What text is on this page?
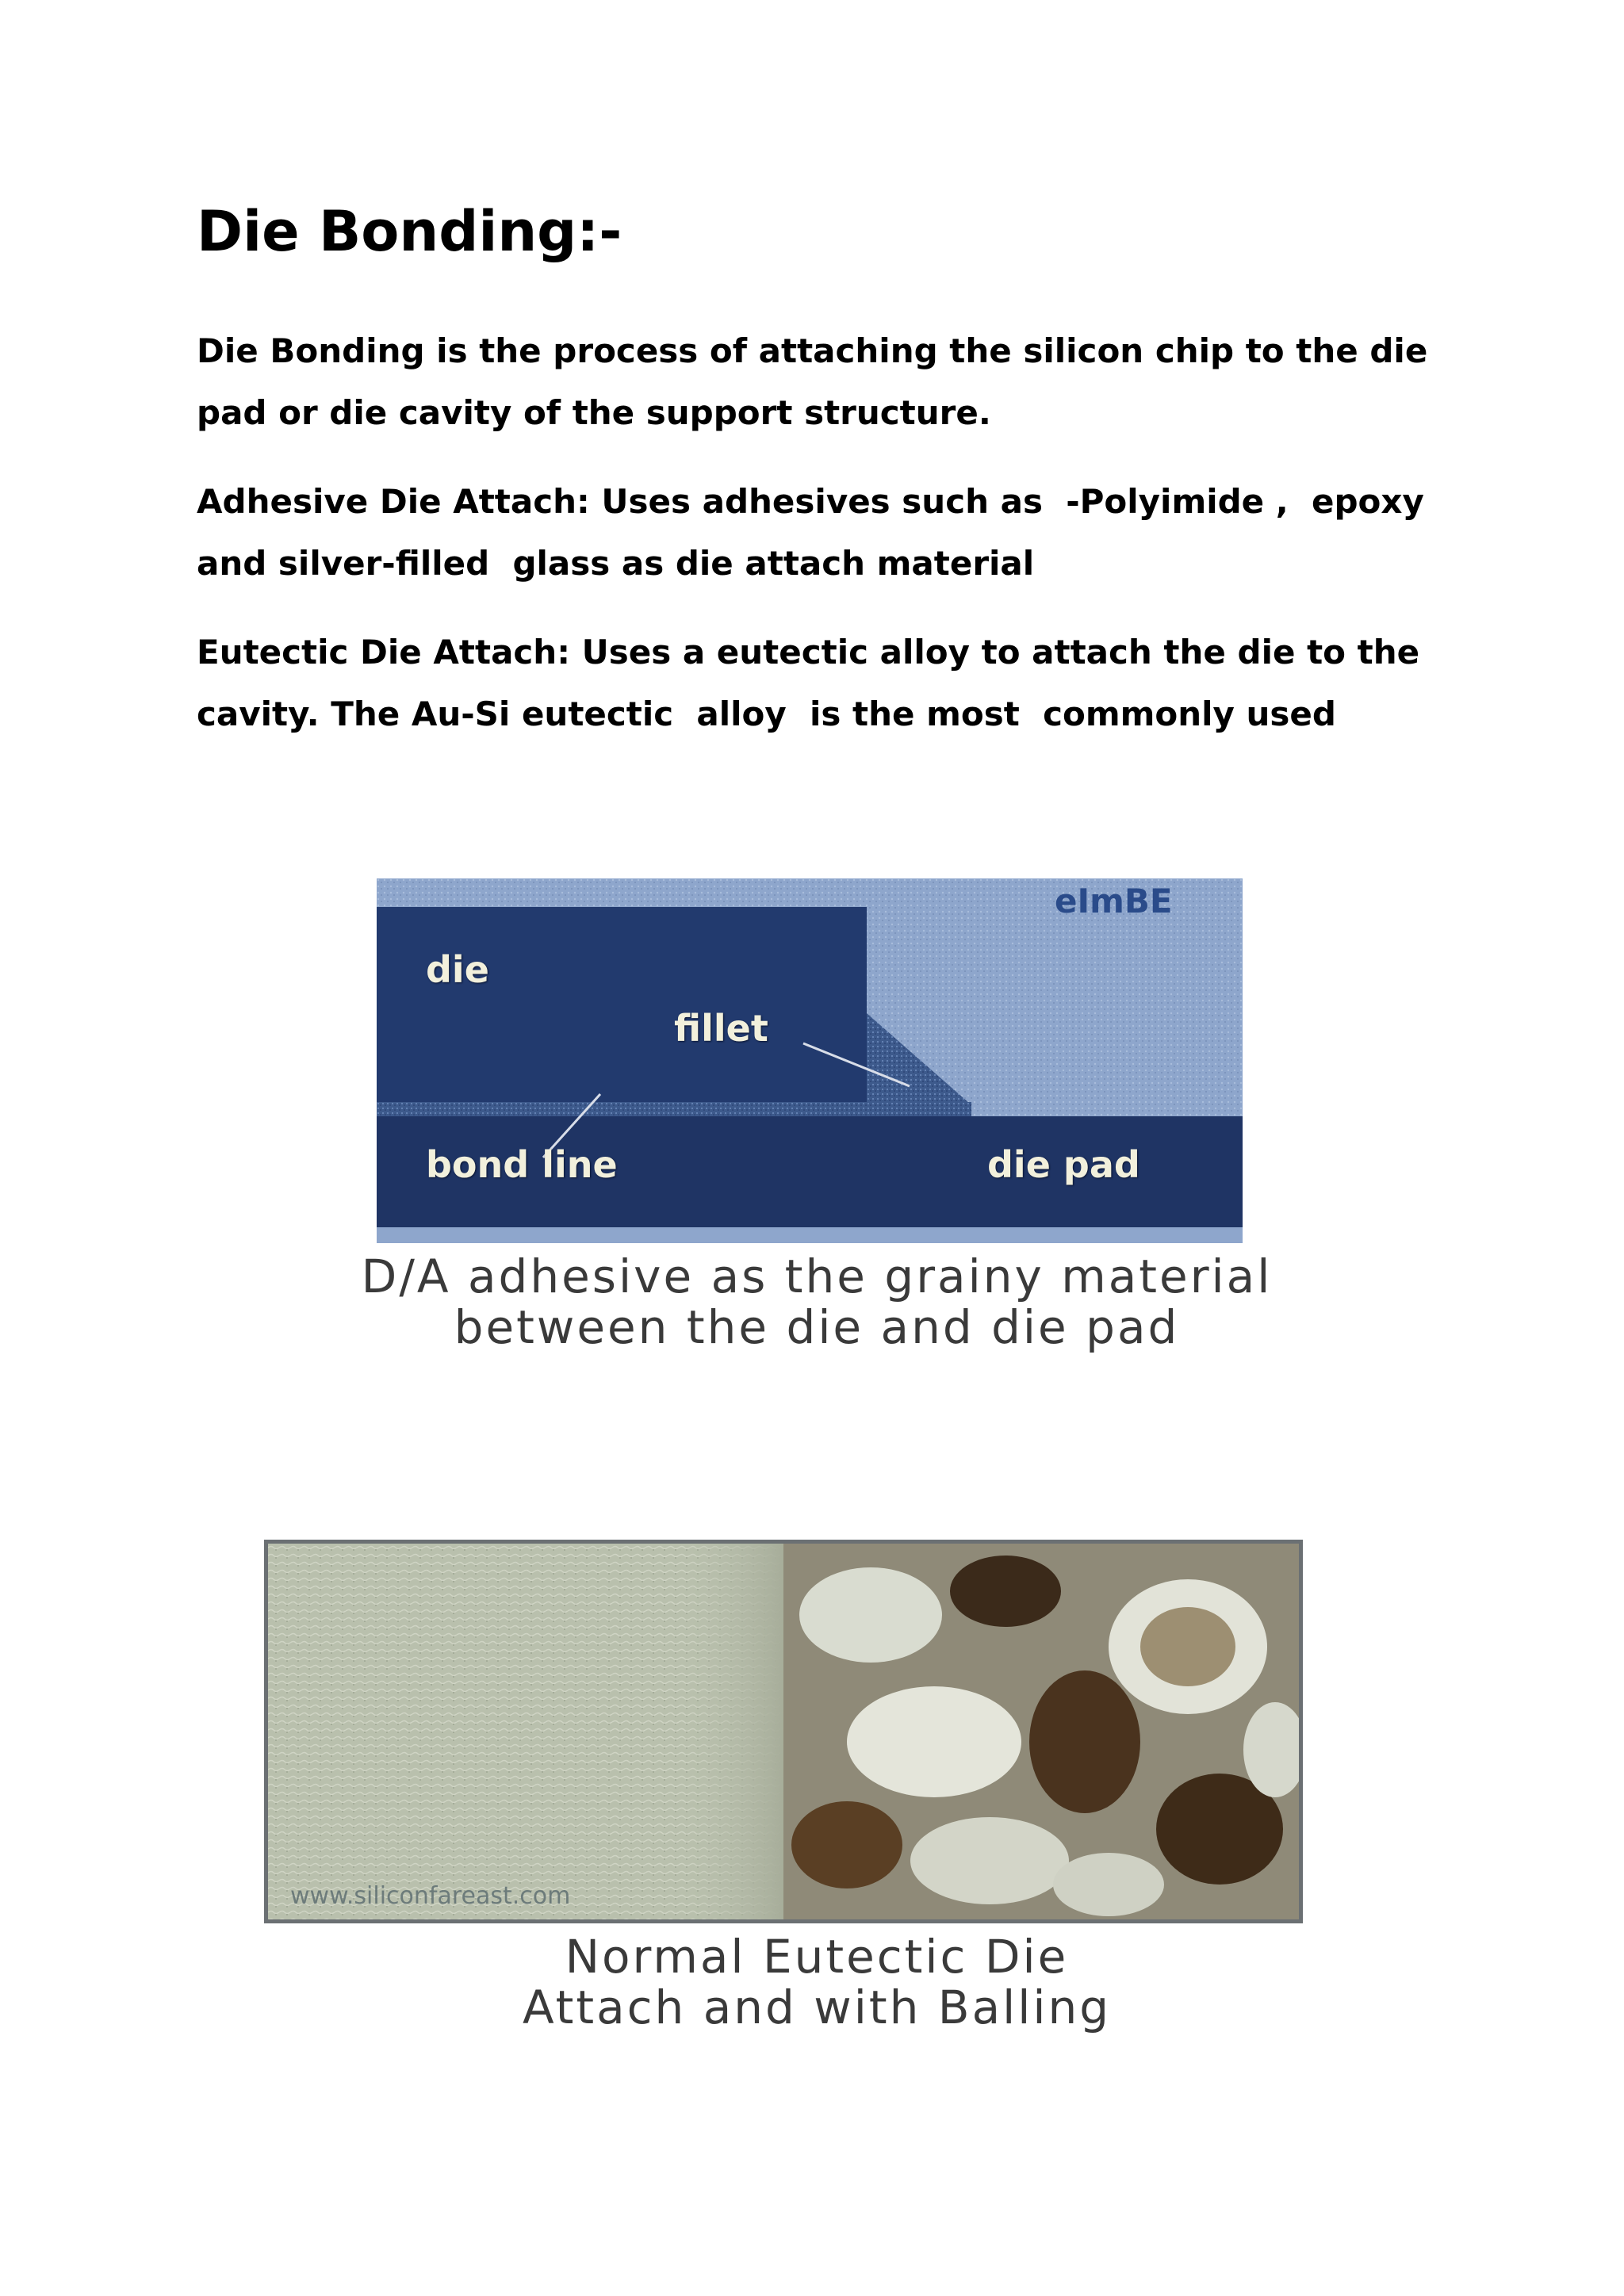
Die Bonding:-

Die Bonding is the process of attaching the silicon chip to the die pad or die cavity of the support structure.

Adhesive Die Attach: Uses adhesives such as  -Polyimide ,  epoxy and silver-filled  glass as die attach material

Eutectic Die Attach: Uses a eutectic alloy to attach the die to the cavity. The Au-Si eutectic  alloy  is the most  commonly used

eImBE
die
fillet
bond line	die pad

D/A adhesive as the grainy material
between the die and die pad

www.siliconfareast.com

Normal Eutectic Die
Attach and with Balling
